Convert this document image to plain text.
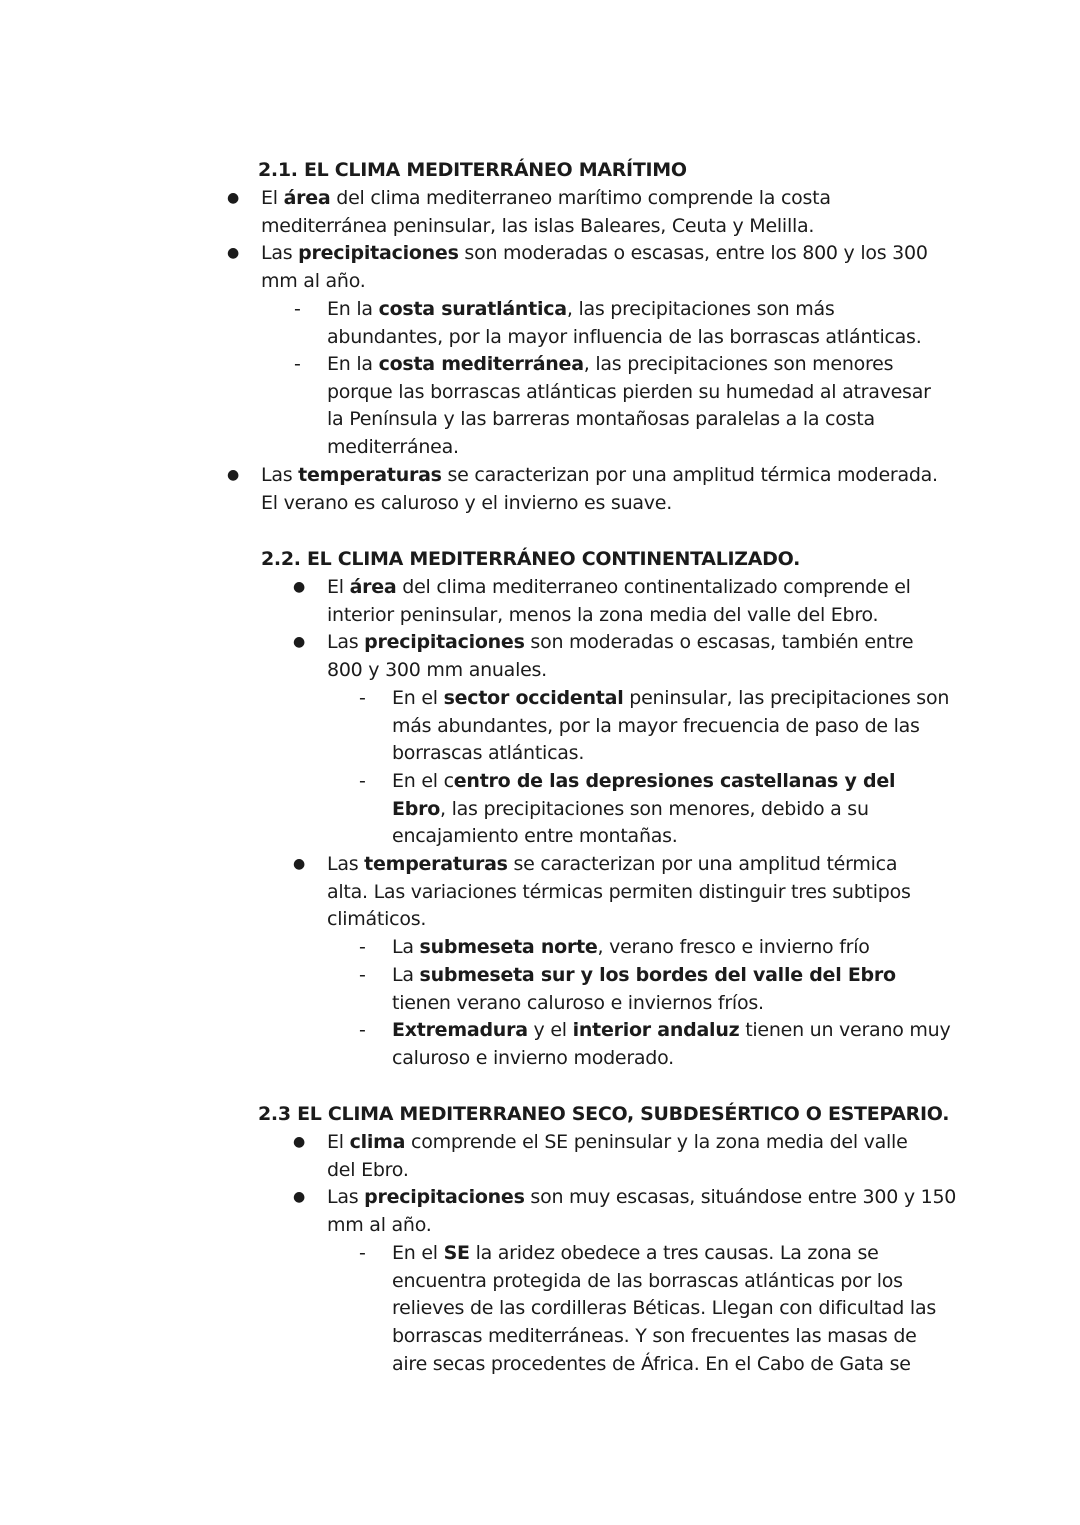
2.1. EL CLIMA MEDITERRÁNEO MARÍTIMO
● El área del clima mediterraneo marítimo comprende la costa mediterránea peninsular, las islas Baleares, Ceuta y Melilla.
● Las precipitaciones son moderadas o escasas, entre los 800 y los 300 mm al año.
- En la costa suratlántica, las precipitaciones son más abundantes, por la mayor influencia de las borrascas atlánticas.
- En la costa mediterránea, las precipitaciones son menores porque las borrascas atlánticas pierden su humedad al atravesar la Península y las barreras montañosas paralelas a la costa mediterránea.
● Las temperaturas se caracterizan por una amplitud térmica moderada. El verano es caluroso y el invierno es suave.
2.2. EL CLIMA MEDITERRÁNEO CONTINENTALIZADO.
● El área del clima mediterraneo continentalizado comprende el interior peninsular, menos la zona media del valle del Ebro.
● Las precipitaciones son moderadas o escasas, también entre 800 y 300 mm anuales.
- En el sector occidental peninsular, las precipitaciones son más abundantes, por la mayor frecuencia de paso de las borrascas atlánticas.
- En el centro de las depresiones castellanas y del Ebro, las precipitaciones son menores, debido a su encajamiento entre montañas.
● Las temperaturas se caracterizan por una amplitud térmica alta. Las variaciones térmicas permiten distinguir tres subtipos climáticos.
- La submeseta norte, verano fresco e invierno frío
- La submeseta sur y los bordes del valle del Ebro tienen verano caluroso e inviernos fríos.
- Extremadura y el interior andaluz tienen un verano muy caluroso e invierno moderado.
2.3 EL CLIMA MEDITERRANEO SECO, SUBDESÉRTICO O ESTEPARIO.
● El clima comprende el SE peninsular y la zona media del valle del Ebro.
● Las precipitaciones son muy escasas, situándose entre 300 y 150 mm al año.
- En el SE la aridez obedece a tres causas. La zona se encuentra protegida de las borrascas atlánticas por los relieves de las cordilleras Béticas. Llegan con dificultad las borrascas mediterráneas. Y son frecuentes las masas de aire secas procedentes de África. En el Cabo de Gata se
